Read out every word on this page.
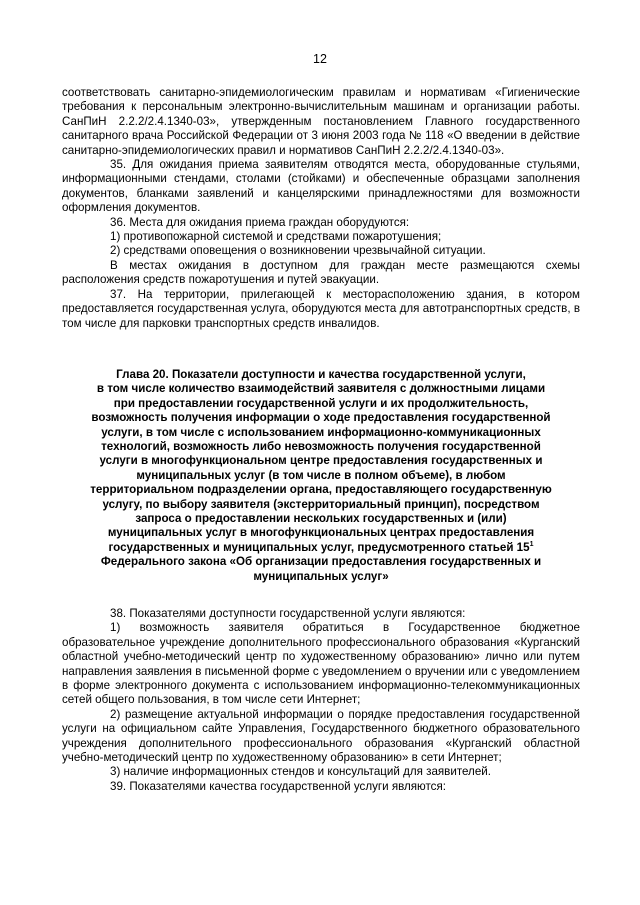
12

соответствовать санитарно-эпидемиологическим правилам и нормативам «Гигиенические требования к персональным электронно-вычислительным машинам и организации работы. СанПиН 2.2.2/2.4.1340-03», утвержденным постановлением Главного государственного санитарного врача Российской Федерации от 3 июня 2003 года № 118 «О введении в действие санитарно-эпидемиологических правил и нормативов СанПиН 2.2.2/2.4.1340-03».

35. Для ожидания приема заявителям отводятся места, оборудованные стульями, информационными стендами, столами (стойками) и обеспеченные образцами заполнения документов, бланками заявлений и канцелярскими принадлежностями для возможности оформления документов.

36. Места для ожидания приема граждан оборудуются:

1) противопожарной системой и средствами пожаротушения;

2) средствами оповещения о возникновении чрезвычайной ситуации.

В местах ожидания в доступном для граждан месте размещаются схемы расположения средств пожаротушения и путей эвакуации.

37. На территории, прилегающей к месторасположению здания, в котором предоставляется государственная услуга, оборудуются места для автотранспортных средств, в том числе для парковки транспортных средств инвалидов.

Глава 20. Показатели доступности и качества государственной услуги,
в том числе количество взаимодействий заявителя с должностными лицами
при предоставлении государственной услуги и их продолжительность,
возможность получения информации о ходе предоставления государственной
услуги, в том числе с использованием информационно-коммуникационных
технологий, возможность либо невозможность получения государственной
услуги в многофункциональном центре предоставления государственных и
муниципальных услуг (в том числе в полном объеме), в любом
территориальном подразделении органа, предоставляющего государственную
услугу, по выбору заявителя (экстерриториальный принцип), посредством
запроса о предоставлении нескольких государственных и (или)
муниципальных услуг в многофункциональных центрах предоставления
государственных и муниципальных услуг, предусмотренного статьей $15^1$
Федерального закона «Об организации предоставления государственных и
муниципальных услуг»

38. Показателями доступности государственной услуги являются:

1) возможность заявителя обратиться в Государственное бюджетное образовательное учреждение дополнительного профессионального образования «Курганский областной учебно-методический центр по художественному образованию» лично или путем направления заявления в письменной форме с уведомлением о вручении или с уведомлением в форме электронного документа с использованием информационно-телекоммуникационных сетей общего пользования, в том числе сети Интернет;

2) размещение актуальной информации о порядке предоставления государственной услуги на официальном сайте Управления, Государственного бюджетного образовательного учреждения дополнительного профессионального образования «Курганский областной учебно-методический центр по художественному образованию» в сети Интернет;

3) наличие информационных стендов и консультаций для заявителей.

39. Показателями качества государственной услуги являются:
